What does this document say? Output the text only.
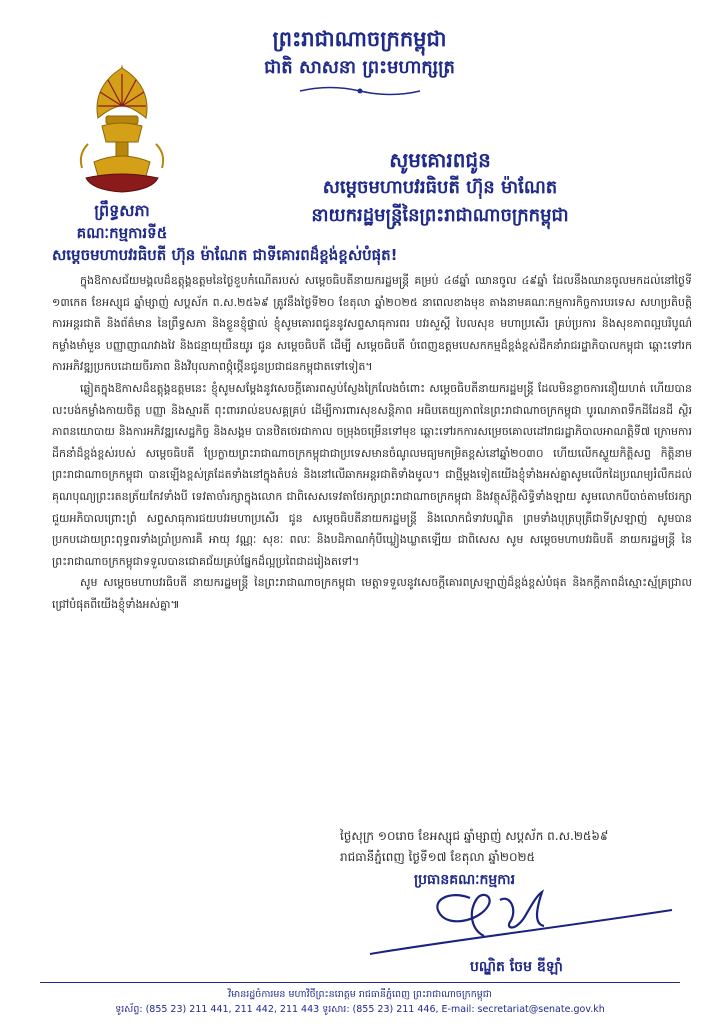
ព្រះរាជាណាចក្រកម្ពុជា
ជាតិ សាសនា ព្រះមហាក្សត្រ
ព្រឹទ្ធសភា
គណៈកម្មការទី៥
សូមគោរពជូន
សម្តេចមហាបវរធិបតី ហ៊ុន ម៉ាណែត
នាយករដ្ឋមន្ត្រីនៃព្រះរាជាណាចក្រកម្ពុជា
សម្តេចមហាបវរធិបតី ហ៊ុន ម៉ាណែត ជាទីគោរពដ៏ខ្ពង់ខ្ពស់បំផុត!

ក្នុងឱកាសជ័យមង្គលដ៏ឧត្តុង្គឧត្តមនៃថ្ងៃខួបកំណើតរបស់ សម្តេចធិបតីនាយករដ្ឋមន្ត្រី គម្រប់ ៤៨ឆ្នាំ ឈានចូល ៤៩ឆ្នាំ ដែលនឹងឈានចូលមកដល់នៅថ្ងៃទី ១៣កេត ខែអស្សុជ ឆ្នាំម្សាញ់ សប្តស័ក ព.ស.២៥៦៩ ត្រូវនឹងថ្ងៃទី២០ ខែតុលា ឆ្នាំ២០២៥ នាពេលខាងមុខ តាងនាមគណៈកម្មការកិច្ចការបរទេស សហប្រតិបត្តិការអន្តរជាតិ និងព័ត៌មាន នៃព្រឹទ្ធសភា និងខ្លួនខ្ញុំផ្ទាល់ ខ្ញុំសូមគោរពជូននូវសព្ទសាធុការពរ បវរសួស្តី បៃលសុខ មហាប្រសើរ គ្រប់ប្រការ និងសុខភាពល្អបរិបូណ៌ កម្លាំងមាំមួន បញ្ញាញាណវាងវៃ និងជន្មាយុយឺនយូរ ជូន សម្តេចធិបតី ដើម្បី សម្តេចធិបតី បំពេញឧត្តមបេសកកម្មដ៏ខ្ពង់ខ្ពស់ដឹកនាំរាជរដ្ឋាភិបាលកម្ពុជា ឆ្ពោះទៅរកការអភិវឌ្ឍប្រកបដោយចីរភាព និងវិបុលភាពថ្កុំថ្កើនជូនប្រជាជនកម្ពុជាតទៅទៀត។

ឆ្លៀតក្នុងឱកាសដ៏ឧត្តុង្គឧត្តមនេះ ខ្ញុំសូមសម្តែងនូវសេចក្តីគោរពស្ញប់ស្ញែងក្រៃលែងចំពោះ សម្តេចធិបតីនាយករដ្ឋមន្ត្រី ដែលមិនខ្លាចការនឿយហត់ ហើយបានលះបង់កម្លាំងកាយចិត្ត បញ្ញា និងស្មារតី ពុះពាររាល់ឧបសគ្គគ្រប់ ដើម្បីការពារសុខសន្តិភាព អធិបតេយ្យភាពនៃព្រះរាជាណាចក្រកម្ពុជា បូរណភាពទឹកដីដែនដី ស្ថិរភាពនយោបាយ និងការអភិវឌ្ឍសេដ្ឋកិច្ច និងសង្គម បានឋិតថេរជាកាល ចម្រុងចម្រើនទៅមុខ ឆ្ពោះទៅរកការសម្រេចគោលដៅរាជរដ្ឋាភិបាលអាណត្តិទី៧ ក្រោមការដឹកនាំដ៏ខ្ពង់ខ្ពស់របស់ សម្តេចធិបតី ប្រែក្លាយព្រះរាជាណាចក្រកម្ពុជាជាប្រទេសមានចំណូលមធ្យមកម្រិតខ្ពស់នៅឆ្នាំ២០៣០ ហើយលើកស្ទួយកិត្តិសព្ទ កិត្តិនាមព្រះរាជាណាចក្រកម្ពុជា បានឡើងខ្ពស់ត្រដែតទាំងនៅក្នុងតំបន់ និងនៅលើឆាកអន្តរជាតិទាំងមូល។ ជាថ្មីម្តងទៀតយើងខ្ញុំទាំងអស់គ្នាសូមលើកដៃប្រណម្យរំលឹកដល់គុណបុណ្យព្រះរតនត្រ័យកែវទាំងបី ទេវតាចាំរក្សាក្នុងលោក ជាពិសេសទេវតាថែរក្សាព្រះរាជាណាចក្រកម្ពុជា និងវត្ថុស័ក្តិសិទ្ធិទាំងឡាយ សូមលោកបីបាច់តាមថែរក្សាជួយអភិបាលព្រោះព្រំ សព្ទសាធុការជយបវរមហាប្រសើរ ជូន សម្តេចធិបតីនាយករដ្ឋមន្ត្រី និងលោកជំទាវបណ្ឌិត ព្រមទាំងបុត្របុត្រីជាទីស្រឡាញ់ សូមបានប្រកបដោយព្រះពុទ្ធពរទាំងប្រាំប្រការគឺ អាយុ វណ្ណៈ សុខៈ ពលៈ និងបដិភាណកុំបីឃ្លៀងឃ្លាតឡើយ ជាពិសេស សូម សម្តេចមហាបវរធិបតី នាយករដ្ឋមន្ត្រី នៃព្រះរាជាណាចក្រកម្ពុជាទទួលបានជោគជ័យគ្រប់ផ្នែកដ៏ល្អប្រពៃជាដរៀងតទៅ។

សូម សម្តេចមហាបវរធិបតី នាយករដ្ឋមន្ត្រី នៃព្រះរាជាណាចក្រកម្ពុជា មេត្តាទទួលនូវសេចក្តីគោរពស្រឡាញ់ដ៏ខ្ពង់ខ្ពស់បំផុត និងកក្តីភាពដ៏ស្មោះស្ម័គ្រជ្រាលជ្រៅបំផុតពីយើងខ្ញុំទាំងអស់គ្នា៕

ថ្ងៃសុក្រ ១០រោច ខែអស្សុជ ឆ្នាំម្សាញ់ សប្តស័ក ព.ស.២៥៦៩
រាជធានីភ្នំពេញ ថ្ងៃទី១៧ ខែតុលា ឆ្នាំ២០២៥
ប្រធានគណៈកម្មការ
បណ្ឌិត ចែម ឌីឡាំ
វិមានរដ្ឋចំការមន មហាវិថីព្រះនរោត្តម រាជធានីភ្នំពេញ ព្រះរាជាណាចក្រកម្ពុជា
ទូរស័ព្ទ: (855 23) 211 441, 211 442, 211 443 ទូរសារ: (855 23) 211 446, E-mail: secretariat@senate.gov.kh
